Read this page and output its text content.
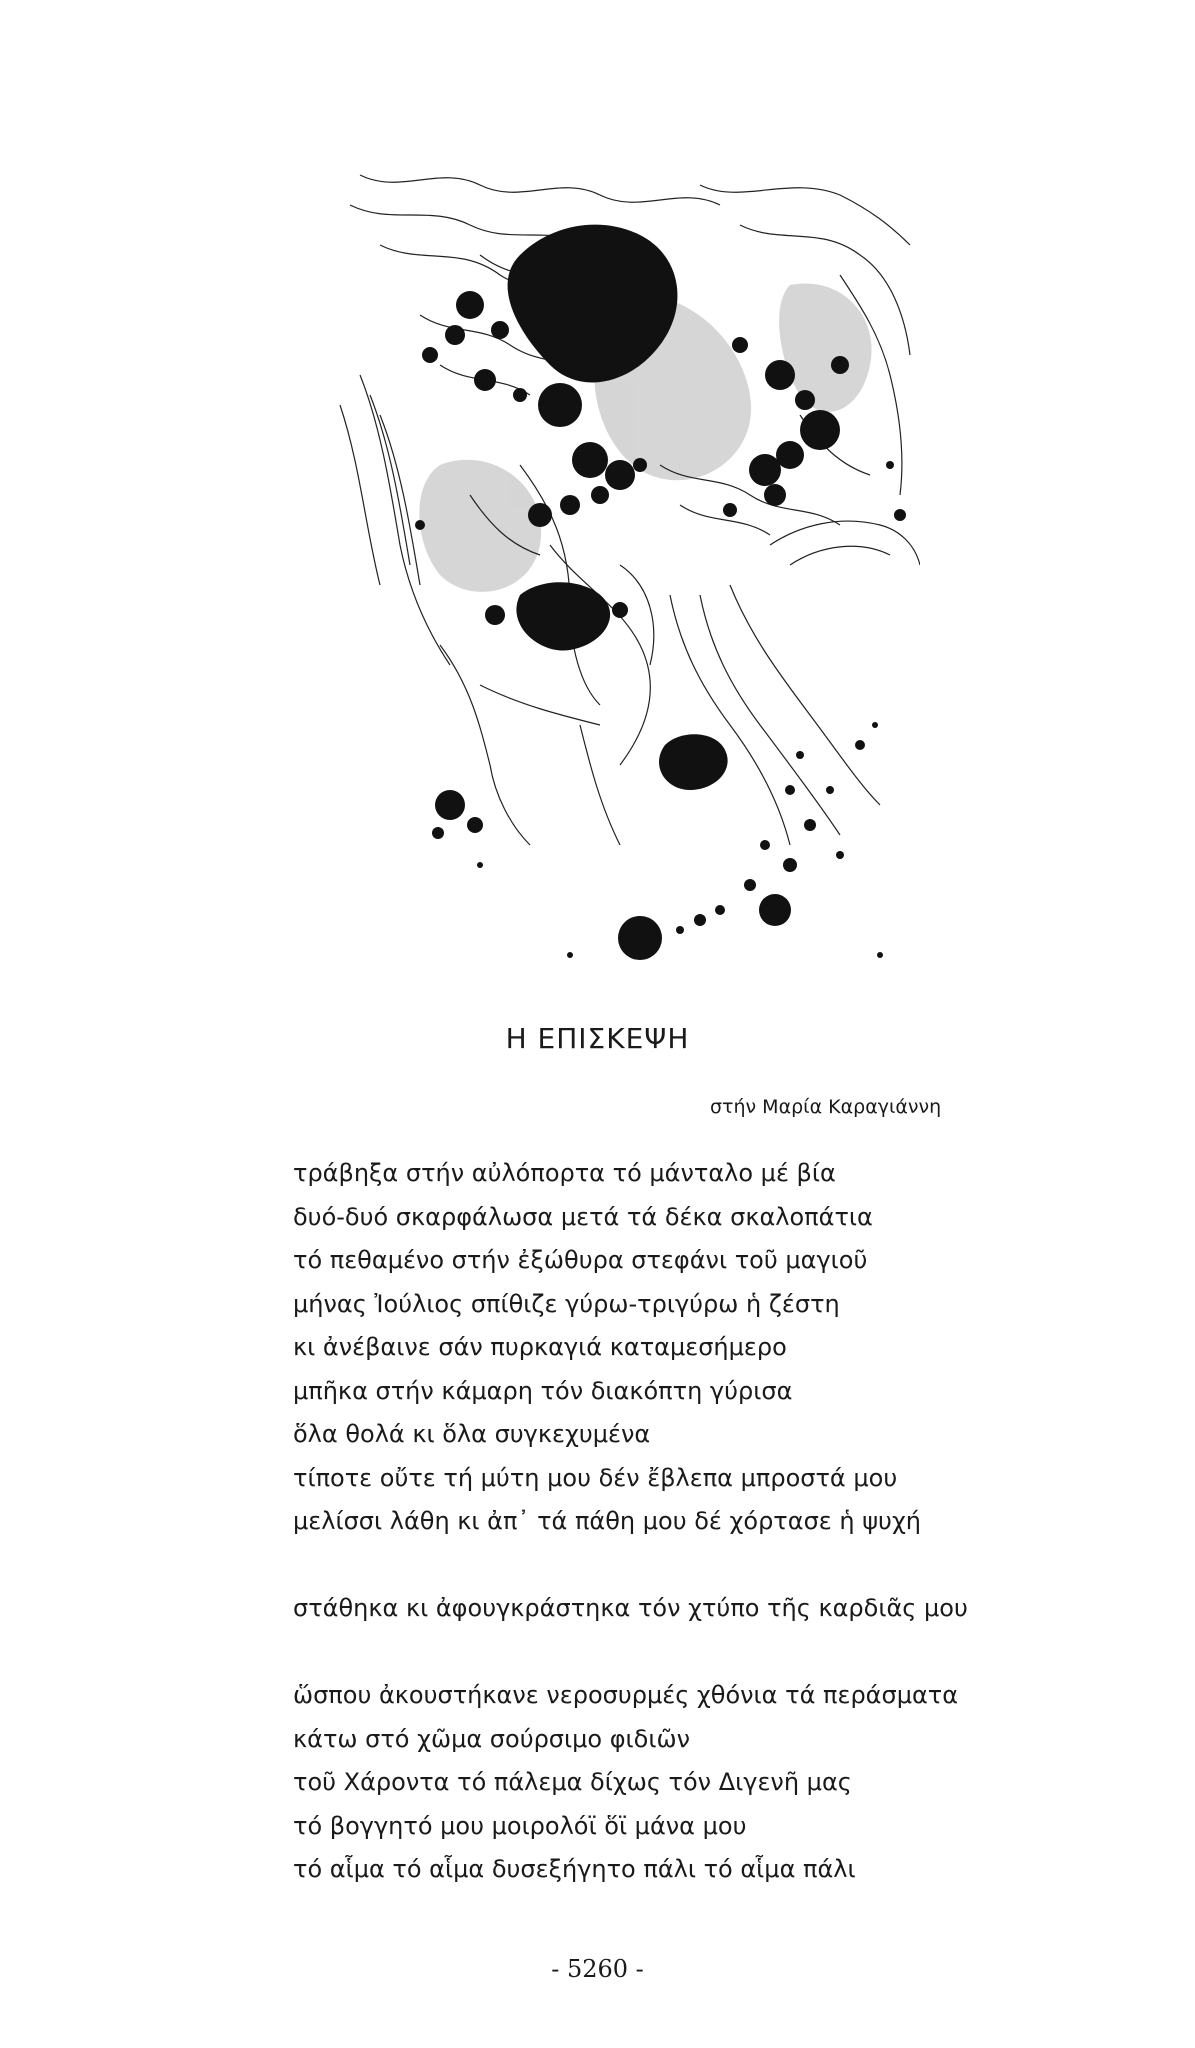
Η ΕΠΙΣΚΕΨΗ
στήν Μαρία Καραγιάννη
τράβηξα στήν αὐλόπορτα τό μάνταλο μέ βία
δυό-δυό σκαρφάλωσα μετά τά δέκα σκαλοπάτια
τό πεθαμένο στήν ἐξώθυρα στεφάνι τοῦ μαγιοῦ
μήνας Ἰούλιος σπίθιζε γύρω-τριγύρω ἡ ζέστη
κι ἀνέβαινε σάν πυρκαγιά καταμεσήμερο
μπῆκα στήν κάμαρη τόν διακόπτη γύρισα
ὅλα θολά κι ὅλα συγκεχυμένα
τίποτε οὔτε τή μύτη μου δέν ἔβλεπα μπροστά μου
μελίσσι λάθη κι ἀπ᾽ τά πάθη μου δέ χόρτασε ἡ ψυχή
στάθηκα κι ἀφουγκράστηκα τόν χτύπο τῆς καρδιᾶς μου
ὥσπου ἀκουστήκανε νεροσυρμές χθόνια τά περάσματα
κάτω στό χῶμα σούρσιμο φιδιῶν
τοῦ Χάροντα τό πάλεμα δίχως τόν Διγενῆ μας
τό βογγητό μου μοιρολόϊ ὅϊ μάνα μου
τό αἷμα τό αἷμα δυσεξήγητο πάλι τό αἷμα πάλι
- 5260 -
